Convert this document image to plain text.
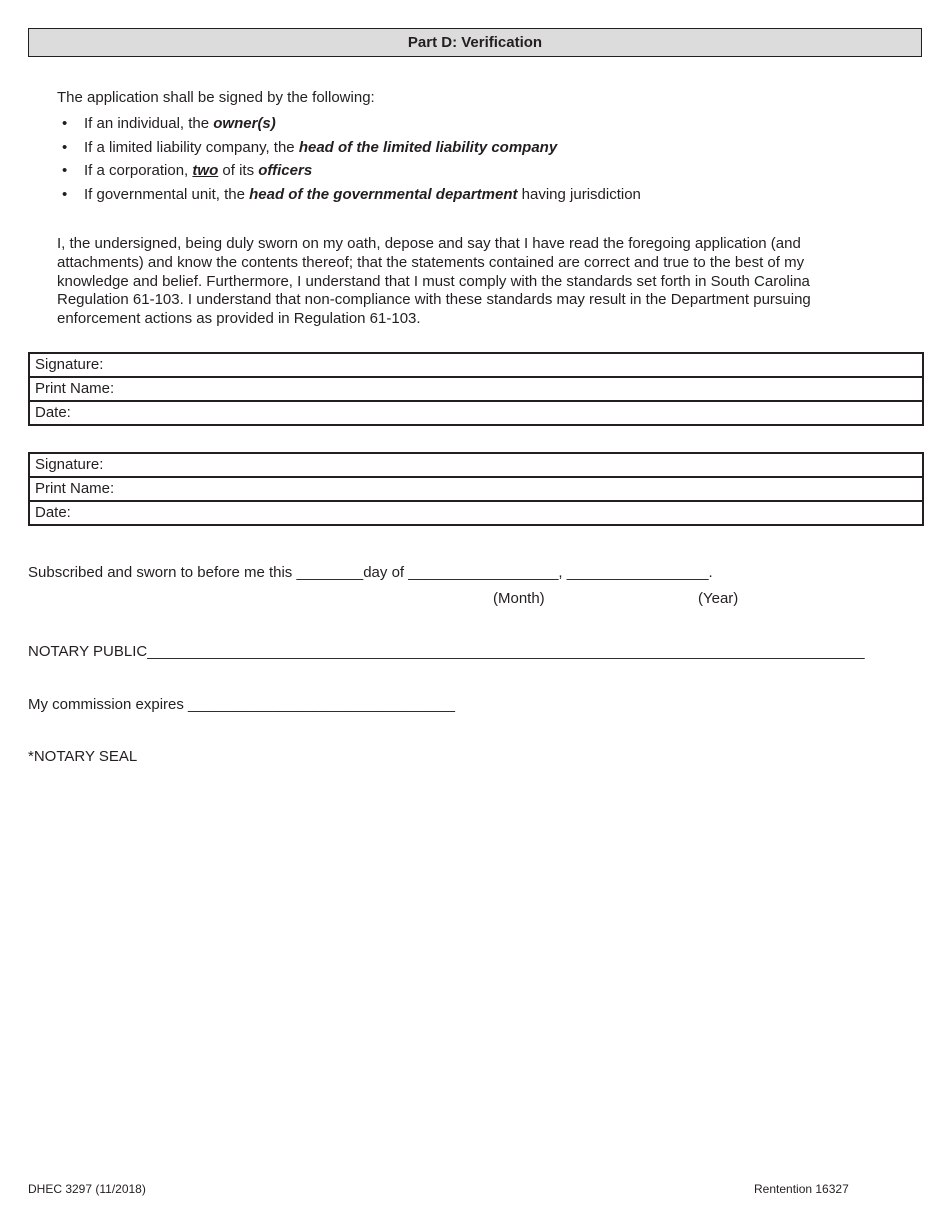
Part D: Verification
The application shall be signed by the following:
• If an individual, the owner(s)
• If a limited liability company, the head of the limited liability company
• If a corporation, two of its officers
• If governmental unit, the head of the governmental department having jurisdiction

I, the undersigned, being duly sworn on my oath, depose and say that I have read the foregoing application (and attachments) and know the contents thereof; that the statements contained are correct and true to the best of my knowledge and belief. Furthermore, I understand that I must comply with the standards set forth in South Carolina Regulation 61-103. I understand that non-compliance with these standards may result in the Department pursuing enforcement actions as provided in Regulation 61-103.

Signature:
Print Name:
Date:
Signature:
Print Name:
Date:
Subscribed and sworn to before me this ________day of __________________, _________________.
(Month)	(Year)
NOTARY PUBLIC______________________________________________________________________________________
My commission expires ________________________________
*NOTARY SEAL
DHEC 3297 (11/2018)	Rentention 16327
